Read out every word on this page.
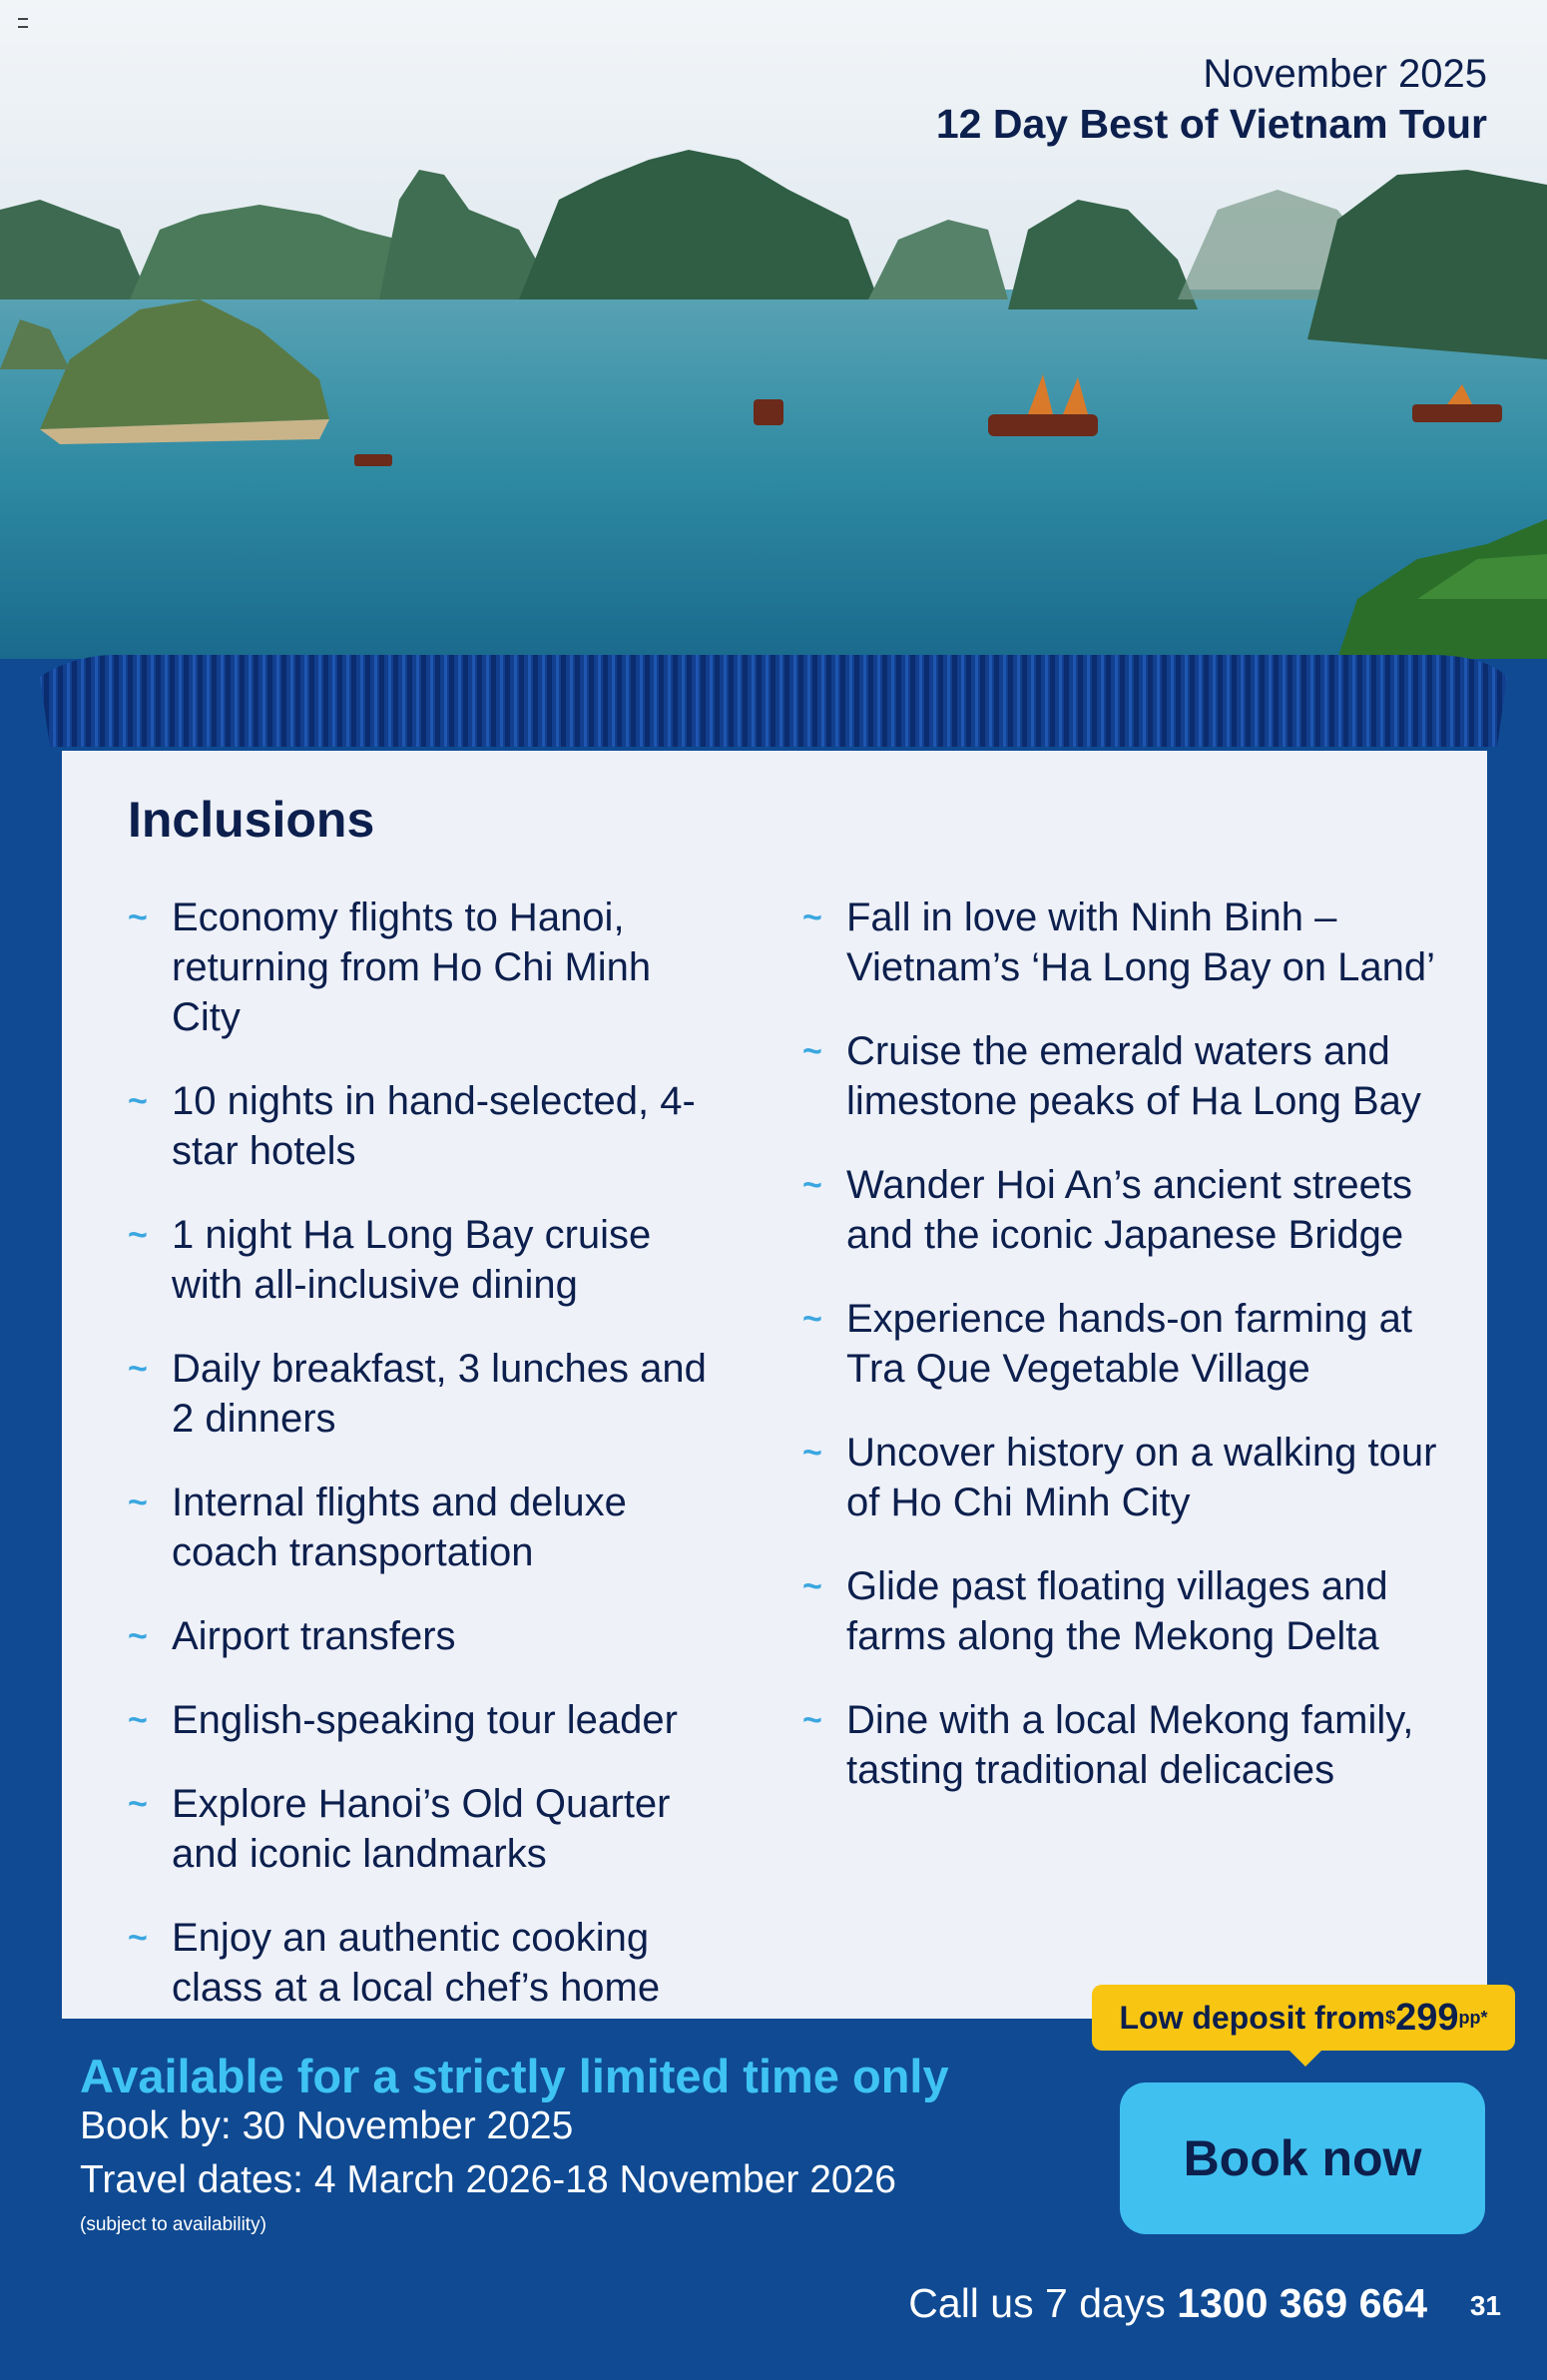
November 2025
12 Day Best of Vietnam Tour
Inclusions
~ Economy flights to Hanoi, returning from Ho Chi Minh City
~ 10 nights in hand-selected, 4-star hotels
~ 1 night Ha Long Bay cruise with all-inclusive dining
~ Daily breakfast, 3 lunches and 2 dinners
~ Internal flights and deluxe coach transportation
~ Airport transfers
~ English-speaking tour leader
~ Explore Hanoi’s Old Quarter and iconic landmarks
~ Enjoy an authentic cooking class at a local chef’s home
~ Fall in love with Ninh Binh – Vietnam’s ‘Ha Long Bay on Land’
~ Cruise the emerald waters and limestone peaks of Ha Long Bay
~ Wander Hoi An’s ancient streets and the iconic Japanese Bridge
~ Experience hands-on farming at Tra Que Vegetable Village
~ Uncover history on a walking tour of Ho Chi Minh City
~ Glide past floating villages and farms along the Mekong Delta
~ Dine with a local Mekong family, tasting traditional delicacies
Available for a strictly limited time only
Book by: 30 November 2025
Travel dates: 4 March 2026-18 November 2026
(subject to availability)
Low deposit from $ 299 pp*
Book now
Call us 7 days 1300 369 664 31
